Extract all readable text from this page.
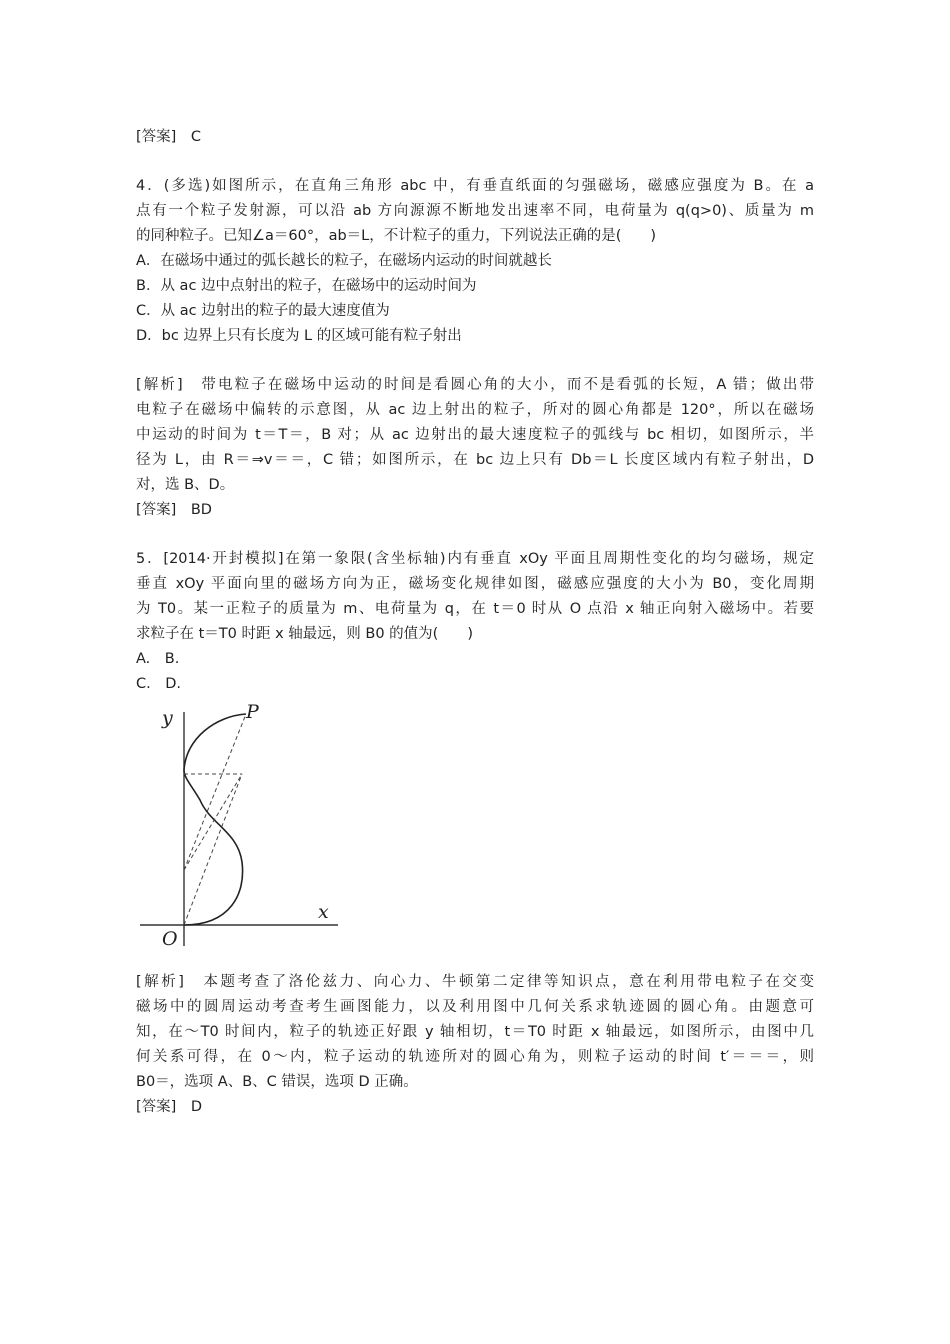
[答案]　C
4．(多选)如图所示，在直角三角形 abc 中，有垂直纸面的匀强磁场，磁感应强度为 B。在 a
点有一个粒子发射源，可以沿 ab 方向源源不断地发出速率不同，电荷量为 q(q>0)、质量为 m
的同种粒子。已知∠a＝60°，ab＝L，不计粒子的重力，下列说法正确的是(　　)
A．在磁场中通过的弧长越长的粒子，在磁场内运动的时间就越长
B．从 ac 边中点射出的粒子，在磁场中的运动时间为
C．从 ac 边射出的粒子的最大速度值为
D．bc 边界上只有长度为 L 的区域可能有粒子射出
[解析]　带电粒子在磁场中运动的时间是看圆心角的大小，而不是看弧的长短，A 错；做出带
电粒子在磁场中偏转的示意图，从 ac 边上射出的粒子，所对的圆心角都是 120°，所以在磁场
中运动的时间为 t＝T＝，B 对；从 ac 边射出的最大速度粒子的弧线与 bc 相切，如图所示，半
径为 L，由 R＝⇒v＝＝，C 错；如图所示，在 bc 边上只有 Db＝L 长度区域内有粒子射出，D
对，选 B、D。
[答案]　BD
5．[2014·开封模拟]在第一象限(含坐标轴)内有垂直 xOy 平面且周期性变化的均匀磁场，规定
垂直 xOy 平面向里的磁场方向为正，磁场变化规律如图，磁感应强度的大小为 B0，变化周期
为 T0。某一正粒子的质量为 m、电荷量为 q，在 t＝0 时从 O 点沿 x 轴正向射入磁场中。若要
求粒子在 t＝T0 时距 x 轴最远，则 B0 的值为(　　)
A.　B.
C.　D.
y	P
x
O
[解析]　本题考查了洛伦兹力、向心力、牛顿第二定律等知识点，意在利用带电粒子在交变
磁场中的圆周运动考查考生画图能力，以及利用图中几何关系求轨迹圆的圆心角。由题意可
知，在～T0 时间内，粒子的轨迹正好跟 y 轴相切，t＝T0 时距 x 轴最远，如图所示，由图中几
何关系可得，在 0～内，粒子运动的轨迹所对的圆心角为，则粒子运动的时间 t′＝＝＝，则
B0＝，选项 A、B、C 错误，选项 D 正确。
[答案]　D
